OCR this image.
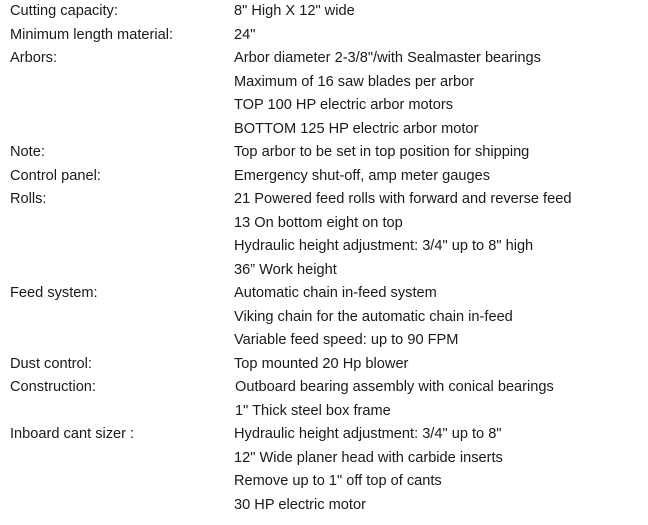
Cutting capacity:	8" High X 12" wide
Minimum length material:	24"
Arbors:	Arbor diameter 2-3/8"/with Sealmaster bearings
Maximum of 16 saw blades per arbor
TOP 100 HP electric arbor motors
BOTTOM 125 HP electric arbor motor
Note:	Top arbor to be set in top position for shipping
Control panel:	Emergency shut-off, amp meter gauges
Rolls:	21 Powered feed rolls with forward and reverse feed
13 On bottom eight on top
Hydraulic height adjustment: 3/4" up to 8" high
36” Work height
Feed system:	Automatic chain in-feed system
Viking chain for the automatic chain in-feed
Variable feed speed: up to 90 FPM
Dust control:	Top mounted 20 Hp blower
Construction:	Outboard bearing assembly with conical bearings
1" Thick steel box frame
Inboard cant sizer :	Hydraulic height adjustment: 3/4" up to 8"
12" Wide planer head with carbide inserts
Remove up to 1" off top of cants
30 HP electric motor
